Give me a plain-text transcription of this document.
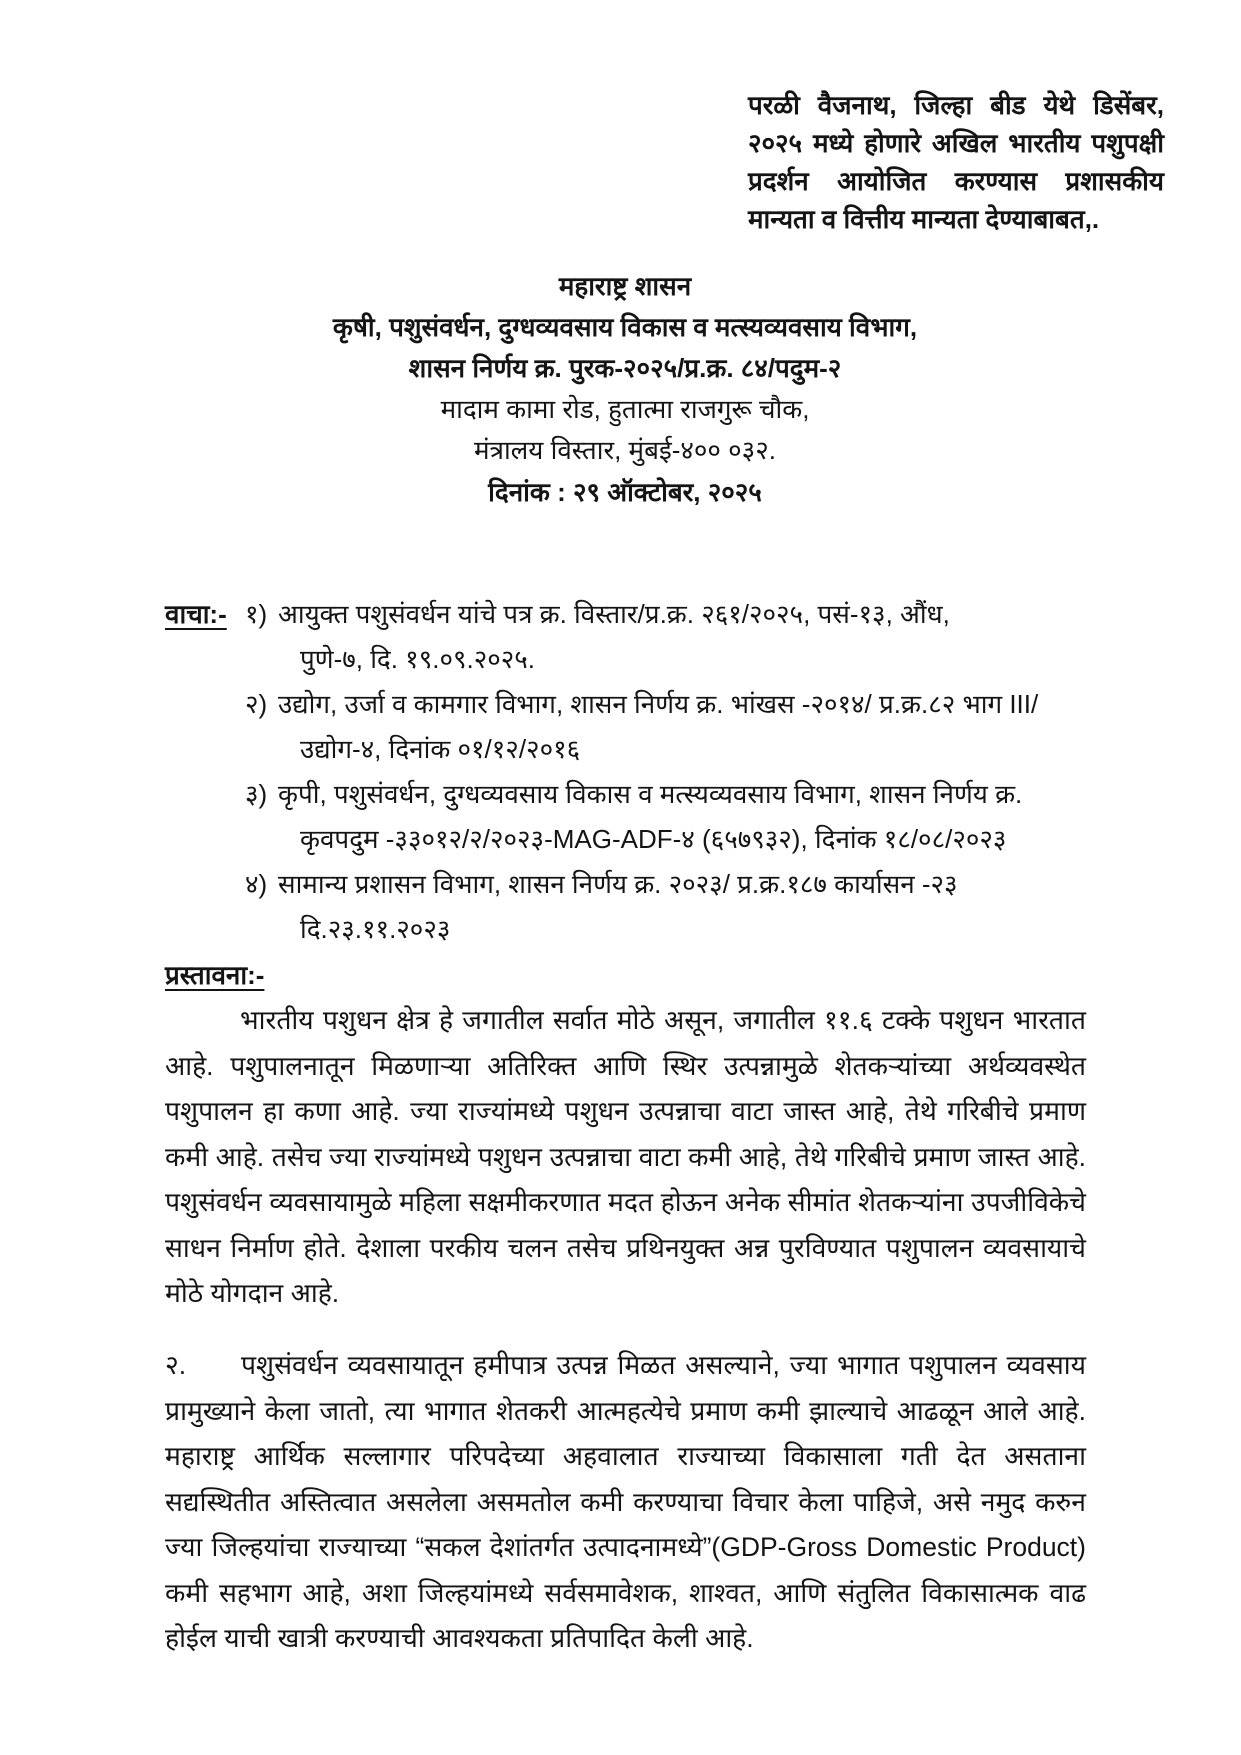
परळी वैजनाथ, जिल्हा बीड येथे डिसेंबर,
२०२५ मध्ये होणारे अखिल भारतीय पशुपक्षी
प्रदर्शन आयोजित करण्यास प्रशासकीय
मान्यता व वित्तीय मान्यता देण्याबाबत,.
महाराष्ट्र शासन
कृषी, पशुसंवर्धन, दुग्धव्यवसाय विकास व मत्स्यव्यवसाय विभाग,
शासन निर्णय क्र. पुरक-२०२५/प्र.क्र. ८४/पदुम-२
मादाम कामा रोड, हुतात्मा राजगुरू चौक,
मंत्रालय विस्तार, मुंबई-४०० ०३२.
दिनांक : २९ ऑक्टोबर, २०२५
वाचा:- १) आयुक्त पशुसंवर्धन यांचे पत्र क्र. विस्तार/प्र.क्र. २६१/२०२५, पसं-१३, औंध,
पुणे-७, दि. १९.०९.२०२५.
२) उद्योग, उर्जा व कामगार विभाग, शासन निर्णय क्र. भांखस -२०१४/ प्र.क्र.८२ भाग III/
उद्योग-४, दिनांक ०१/१२/२०१६
३) कृपी, पशुसंवर्धन, दुग्धव्यवसाय विकास व मत्स्यव्यवसाय विभाग, शासन निर्णय क्र.
कृवपदुम -३३०१२/२/२०२३-MAG-ADF-४ (६५७९३२), दिनांक १८/०८/२०२३
४) सामान्य प्रशासन विभाग, शासन निर्णय क्र. २०२३/ प्र.क्र.१८७ कार्यासन -२३
दि.२३.११.२०२३
प्रस्तावना:-

भारतीय पशुधन क्षेत्र हे जगातील सर्वात मोठे असून, जगातील ११.६ टक्के पशुधन भारतात आहे. पशुपालनातून मिळणाऱ्या अतिरिक्त आणि स्थिर उत्पन्नामुळे शेतकऱ्यांच्या अर्थव्यवस्थेत पशुपालन हा कणा आहे. ज्या राज्यांमध्ये पशुधन उत्पन्नाचा वाटा जास्त आहे, तेथे गरिबीचे प्रमाण कमी आहे. तसेच ज्या राज्यांमध्ये पशुधन उत्पन्नाचा वाटा कमी आहे, तेथे गरिबीचे प्रमाण जास्त आहे. पशुसंवर्धन व्यवसायामुळे महिला सक्षमीकरणात मदत होऊन अनेक सीमांत शेतकऱ्यांना उपजीविकेचे साधन निर्माण होते. देशाला परकीय चलन तसेच प्रथिनयुक्त अन्न पुरविण्यात पशुपालन व्यवसायाचे मोठे योगदान आहे.

२. पशुसंवर्धन व्यवसायातून हमीपात्र उत्पन्न मिळत असल्याने, ज्या भागात पशुपालन व्यवसाय प्रामुख्याने केला जातो, त्या भागात शेतकरी आत्महत्येचे प्रमाण कमी झाल्याचे आढळून आले आहे. महाराष्ट्र आर्थिक सल्लागार परिपदेच्या अहवालात राज्याच्या विकासाला गती देत असताना सद्यस्थितीत अस्तित्वात असलेला असमतोल कमी करण्याचा विचार केला पाहिजे, असे नमुद करुन ज्या जिल्हयांचा राज्याच्या “सकल देशांतर्गत उत्पादनामध्ये”(GDP-Gross Domestic Product) कमी सहभाग आहे, अशा जिल्हयांमध्ये सर्वसमावेशक, शाश्वत, आणि संतुलित विकासात्मक वाढ होईल याची खात्री करण्याची आवश्यकता प्रतिपादित केली आहे.
